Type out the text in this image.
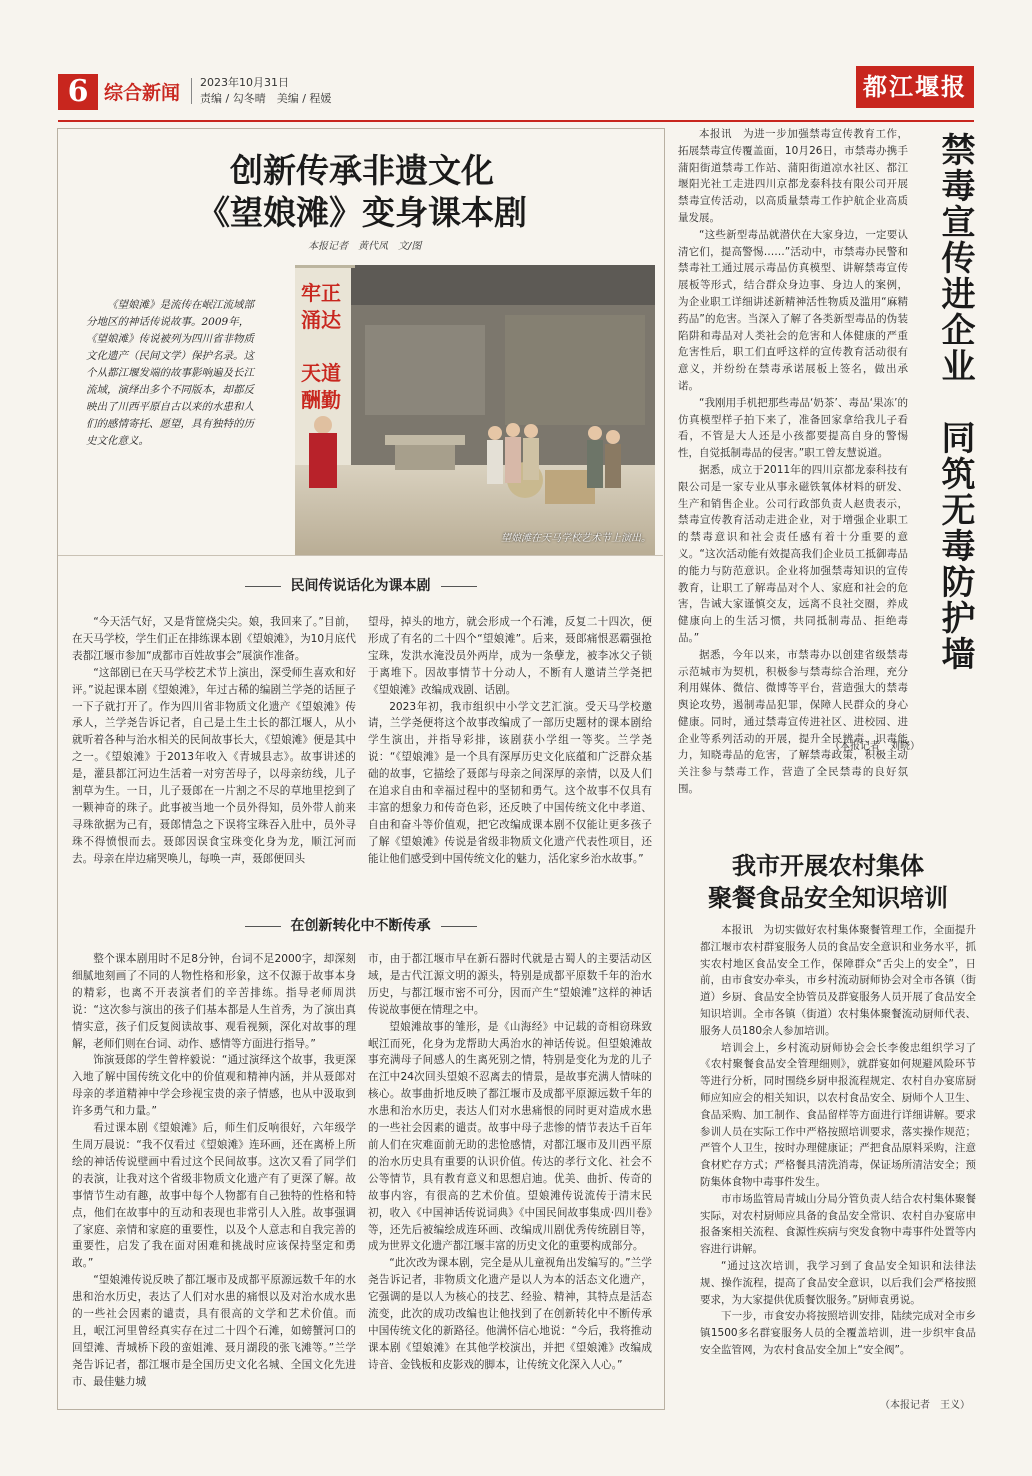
6 综合新闻 2023年10月31日
责编 / 勾冬晴　美编 / 程媛	都江堰报
创新传承非遗文化
《望娘滩》变身课本剧
本报记者　黄代凤　文/图
《望娘滩》是流传在岷江流域部分地区的神话传说故事。2009年，《望娘滩》传说被列为四川省非物质文化遗产（民间文学）保护名录。这个从都江堰发端的故事影响遍及长江流域，演绎出多个不同版本，却都反映出了川西平原自古以来的水患和人们的感情寄托、愿望，具有独特的历史文化意义。
牢正
涌达
天道
酬勤
望娘滩在天马学校艺术节上演出。
民间传说话化为课本剧

“今天活气好，又是背筐烧尖尖。娘，我回来了。”目前，在天马学校，学生们正在排练课本剧《望娘滩》，为10月底代表都江堰市参加“成都市百姓故事会”展演作准备。

“这部剧已在天马学校艺术节上演出，深受师生喜欢和好评。”说起课本剧《望娘滩》，年过古稀的编剧兰学尧的话匣子一下子就打开了。作为四川省非物质文化遗产《望娘滩》传承人，兰学尧告诉记者，自己是土生土长的都江堰人，从小就听着各种与治水相关的民间故事长大，《望娘滩》便是其中之一。《望娘滩》于2013年收入《青城县志》。故事讲述的是，灌县都江河边生活着一对穷苦母子，以母亲纺线，儿子割草为生。一日，儿子聂郎在一片割之不尽的草地里挖到了一颗神奇的珠子。此事被当地一个员外得知，员外带人前来寻珠欲据为己有，聂郎情急之下误将宝珠吞入肚中，员外寻珠不得愤恨而去。聂郎因误食宝珠变化身为龙，顺江河而去。母亲在岸边痛哭唤儿，每唤一声，聂郎便回头

望母，掉头的地方，就会形成一个石滩，反复二十四次，便形成了有名的二十四个“望娘滩”。后来，聂郎痛恨恶霸强抢宝珠，发洪水淹没员外两岸，成为一条孽龙，被李冰父子锁于离堆下。因故事情节十分动人，不断有人邀请兰学尧把《望娘滩》改编成戏剧、话剧。

2023年初，我市组织中小学文艺汇演。受天马学校邀请，兰学尧便将这个故事改编成了一部历史题材的课本剧给学生演出，并指导彩排，该剧获小学组一等奖。兰学尧说：“《望娘滩》是一个具有深厚历史文化底蕴和广泛群众基础的故事，它描绘了聂郎与母亲之间深厚的亲情，以及人们在追求自由和幸福过程中的坚韧和勇气。这个故事不仅具有丰富的想象力和传奇色彩，还反映了中国传统文化中孝道、自由和奋斗等价值观，把它改编成课本剧不仅能让更多孩子了解《望娘滩》传说是省级非物质文化遗产代表性项目，还能让他们感受到中国传统文化的魅力，活化家乡治水故事。”

在创新转化中不断传承

整个课本剧用时不足8分钟，台词不足2000字，却深刻细腻地刻画了不同的人物性格和形象，这不仅源于故事本身的精彩，也离不开表演者们的辛苦排练。指导老师周洪说：“这次参与演出的孩子们基本都是人生首秀，为了演出真情实意，孩子们反复阅读故事、观看视频，深化对故事的理解，老师们则在台词、动作、感情等方面进行指导。”

饰演聂郎的学生曾梓毅说：“通过演绎这个故事，我更深入地了解中国传统文化中的价值观和精神内涵，并从聂郎对母亲的孝道精神中学会珍视宝贵的亲子情感，也从中汲取到许多勇气和力量。”

看过课本剧《望娘滩》后，师生们反响很好，六年级学生周万晨说：“我不仅看过《望娘滩》连环画，还在离桥上所绘的神话传说壁画中看过这个民间故事。这次又看了同学们的表演，让我对这个省级非物质文化遗产有了更深了解。故事情节生动有趣，故事中每个人物都有自己独特的性格和特点，他们在故事中的互动和表现也非常引人入胜。故事强调了家庭、亲情和家庭的重要性，以及个人意志和自我完善的重要性，启发了我在面对困难和挑战时应该保持坚定和勇敢。”

“望娘滩传说反映了都江堰市及成都平原源远数千年的水患和治水历史，表达了人们对水患的痛恨以及对治水成水患的一些社会因素的谴责，具有很高的文学和艺术价值。而且，岷江河里曾经真实存在过二十四个石滩，如螃蟹河口的回望滩、青城桥下段的蛮姐滩、聂月湖段的张飞滩等。”兰学尧告诉记者，都江堰市是全国历史文化名城、全国文化先进市、最佳魅力城

市，由于都江堰市早在新石器时代就是古蜀人的主要活动区域，是古代江源文明的源头，特别是成都平原数千年的治水历史，与都江堰市密不可分，因而产生“望娘滩”这样的神话传说故事便在情理之中。

望娘滩故事的雏形，是《山海经》中记载的奇相窃珠致岷江而死，化身为龙帮助大禹治水的神话传说。但望娘滩故事充满母子间感人的生离死别之情，特别是变化为龙的儿子在江中24次回头望娘不忍离去的情景，是故事充满人情味的核心。故事曲折地反映了都江堰市及成都平原源远数千年的水患和治水历史，表达人们对水患痛恨的同时更对造成水患的一些社会因素的谴责。故事中母子悲惨的情节表达千百年前人们在灾难面前无助的悲怆感情，对都江堰市及川西平原的治水历史具有重要的认识价值。传达的孝行文化、社会不公等情节，具有教育意义和思想启迪。优美、曲折、传奇的故事内容，有很高的艺术价值。望娘滩传说流传于清末民初，收入《中国神话传说词典》《中国民间故事集成·四川卷》等，还先后被编绘成连环画、改编成川剧优秀传统剧目等，成为世界文化遗产都江堰丰富的历史文化的重要构成部分。

“此次改为课本剧，完全是从儿童视角出发编写的。”兰学尧告诉记者，非物质文化遗产是以人为本的活态文化遗产，它强调的是以人为核心的技艺、经验、精神，其特点是活态流变，此次的成功改编也让他找到了在创新转化中不断传承中国传统文化的新路径。他满怀信心地说：“今后，我将推动课本剧《望娘滩》在其他学校演出，并把《望娘滩》改编成诗音、金钱板和皮影戏的脚本，让传统文化深入人心。”

本报讯　为进一步加强禁毒宣传教育工作，拓展禁毒宣传覆盖面，10月26日，市禁毒办携手蒲阳街道禁毒工作站、蒲阳街道凉水社区、都江堰阳光社工走进四川京都龙泰科技有限公司开展禁毒宣传活动，以高质量禁毒工作护航企业高质量发展。

“这些新型毒品就潜伏在大家身边，一定要认清它们，提高警惕……”活动中，市禁毒办民警和禁毒社工通过展示毒品仿真模型、讲解禁毒宣传展板等形式，结合群众身边事、身边人的案例，为企业职工详细讲述新精神活性物质及滥用“麻精药品”的危害。当深入了解了各类新型毒品的伪装陷阱和毒品对人类社会的危害和人体健康的严重危害性后，职工们直呼这样的宣传教育活动很有意义，并纷纷在禁毒承诺展板上签名，做出承诺。

“我刚用手机把那些毒品‘奶茶’、毒品‘果冻’的仿真模型样子拍下来了，准备回家拿给我儿子看看，不管是大人还是小孩都要提高自身的警惕性，自觉抵制毒品的侵害。”职工曾友慧说道。

据悉，成立于2011年的四川京都龙泰科技有限公司是一家专业从事永磁铁氧体材料的研发、生产和销售企业。公司行政部负责人赵贵表示，禁毒宣传教育活动走进企业，对于增强企业职工的禁毒意识和社会责任感有着十分重要的意义。“这次活动能有效提高我们企业员工抵御毒品的能力与防范意识。企业将加强禁毒知识的宣传教育，让职工了解毒品对个人、家庭和社会的危害，告诫大家谨慎交友，远离不良社交圈，养成健康向上的生活习惯，共同抵制毒品、拒绝毒品。”

据悉，今年以来，市禁毒办以创建省级禁毒示范城市为契机，积极参与禁毒综合治理，充分利用媒体、微信、微博等平台，营造强大的禁毒舆论攻势，遏制毒品犯罪，保障人民群众的身心健康。同时，通过禁毒宣传进社区、进校园、进企业等系列活动的开展，提升全民辨毒、识毒能力，知晓毒品的危害，了解禁毒政策，积极主动关注参与禁毒工作，营造了全民禁毒的良好氛围。

禁毒宣传进企业　同筑无毒防护墙
（本报记者　刘晓）
我市开展农村集体
聚餐食品安全知识培训

本报讯　为切实做好农村集体聚餐管理工作，全面提升都江堰市农村群宴服务人员的食品安全意识和业务水平，抓实农村地区食品安全工作，保障群众“舌尖上的安全”，日前，由市食安办牵头，市乡村流动厨师协会对全市各镇（街道）乡厨、食品安全协管员及群宴服务人员开展了食品安全知识培训。全市各镇（街道）农村集体聚餐流动厨师代表、服务人员180余人参加培训。

培训会上，乡村流动厨师协会会长李俊忠组织学习了《农村聚餐食品安全管理细则》，就群宴如何规避风险环节等进行分析，同时围绕乡厨申报流程规定、农村自办宴席厨师应知应会的相关知识，以农村食品安全、厨师个人卫生、食品采购、加工制作、食品留样等方面进行详细讲解。要求参训人员在实际工作中严格按照培训要求，落实操作规范；严管个人卫生，按时办理健康证；严把食品原料采购，注意食材贮存方式；严格餐具清洗消毒，保证场所清洁安全；预防集体食物中毒事件发生。

市市场监管局青城山分局分管负责人结合农村集体聚餐实际，对农村厨师应具备的食品安全常识、农村自办宴席申报备案相关流程、食源性疾病与突发食物中毒事件处置等内容进行讲解。

“通过这次培训，我学习到了食品安全知识和法律法规、操作流程，提高了食品安全意识，以后我们会严格按照要求，为大家提供优质餐饮服务。”厨师袁勇说。

下一步，市食安办将按照培训安排，陆续完成对全市乡镇1500多名群宴服务人员的全覆盖培训，进一步织牢食品安全监管网，为农村食品安全加上“安全阀”。

（本报记者　王义）
